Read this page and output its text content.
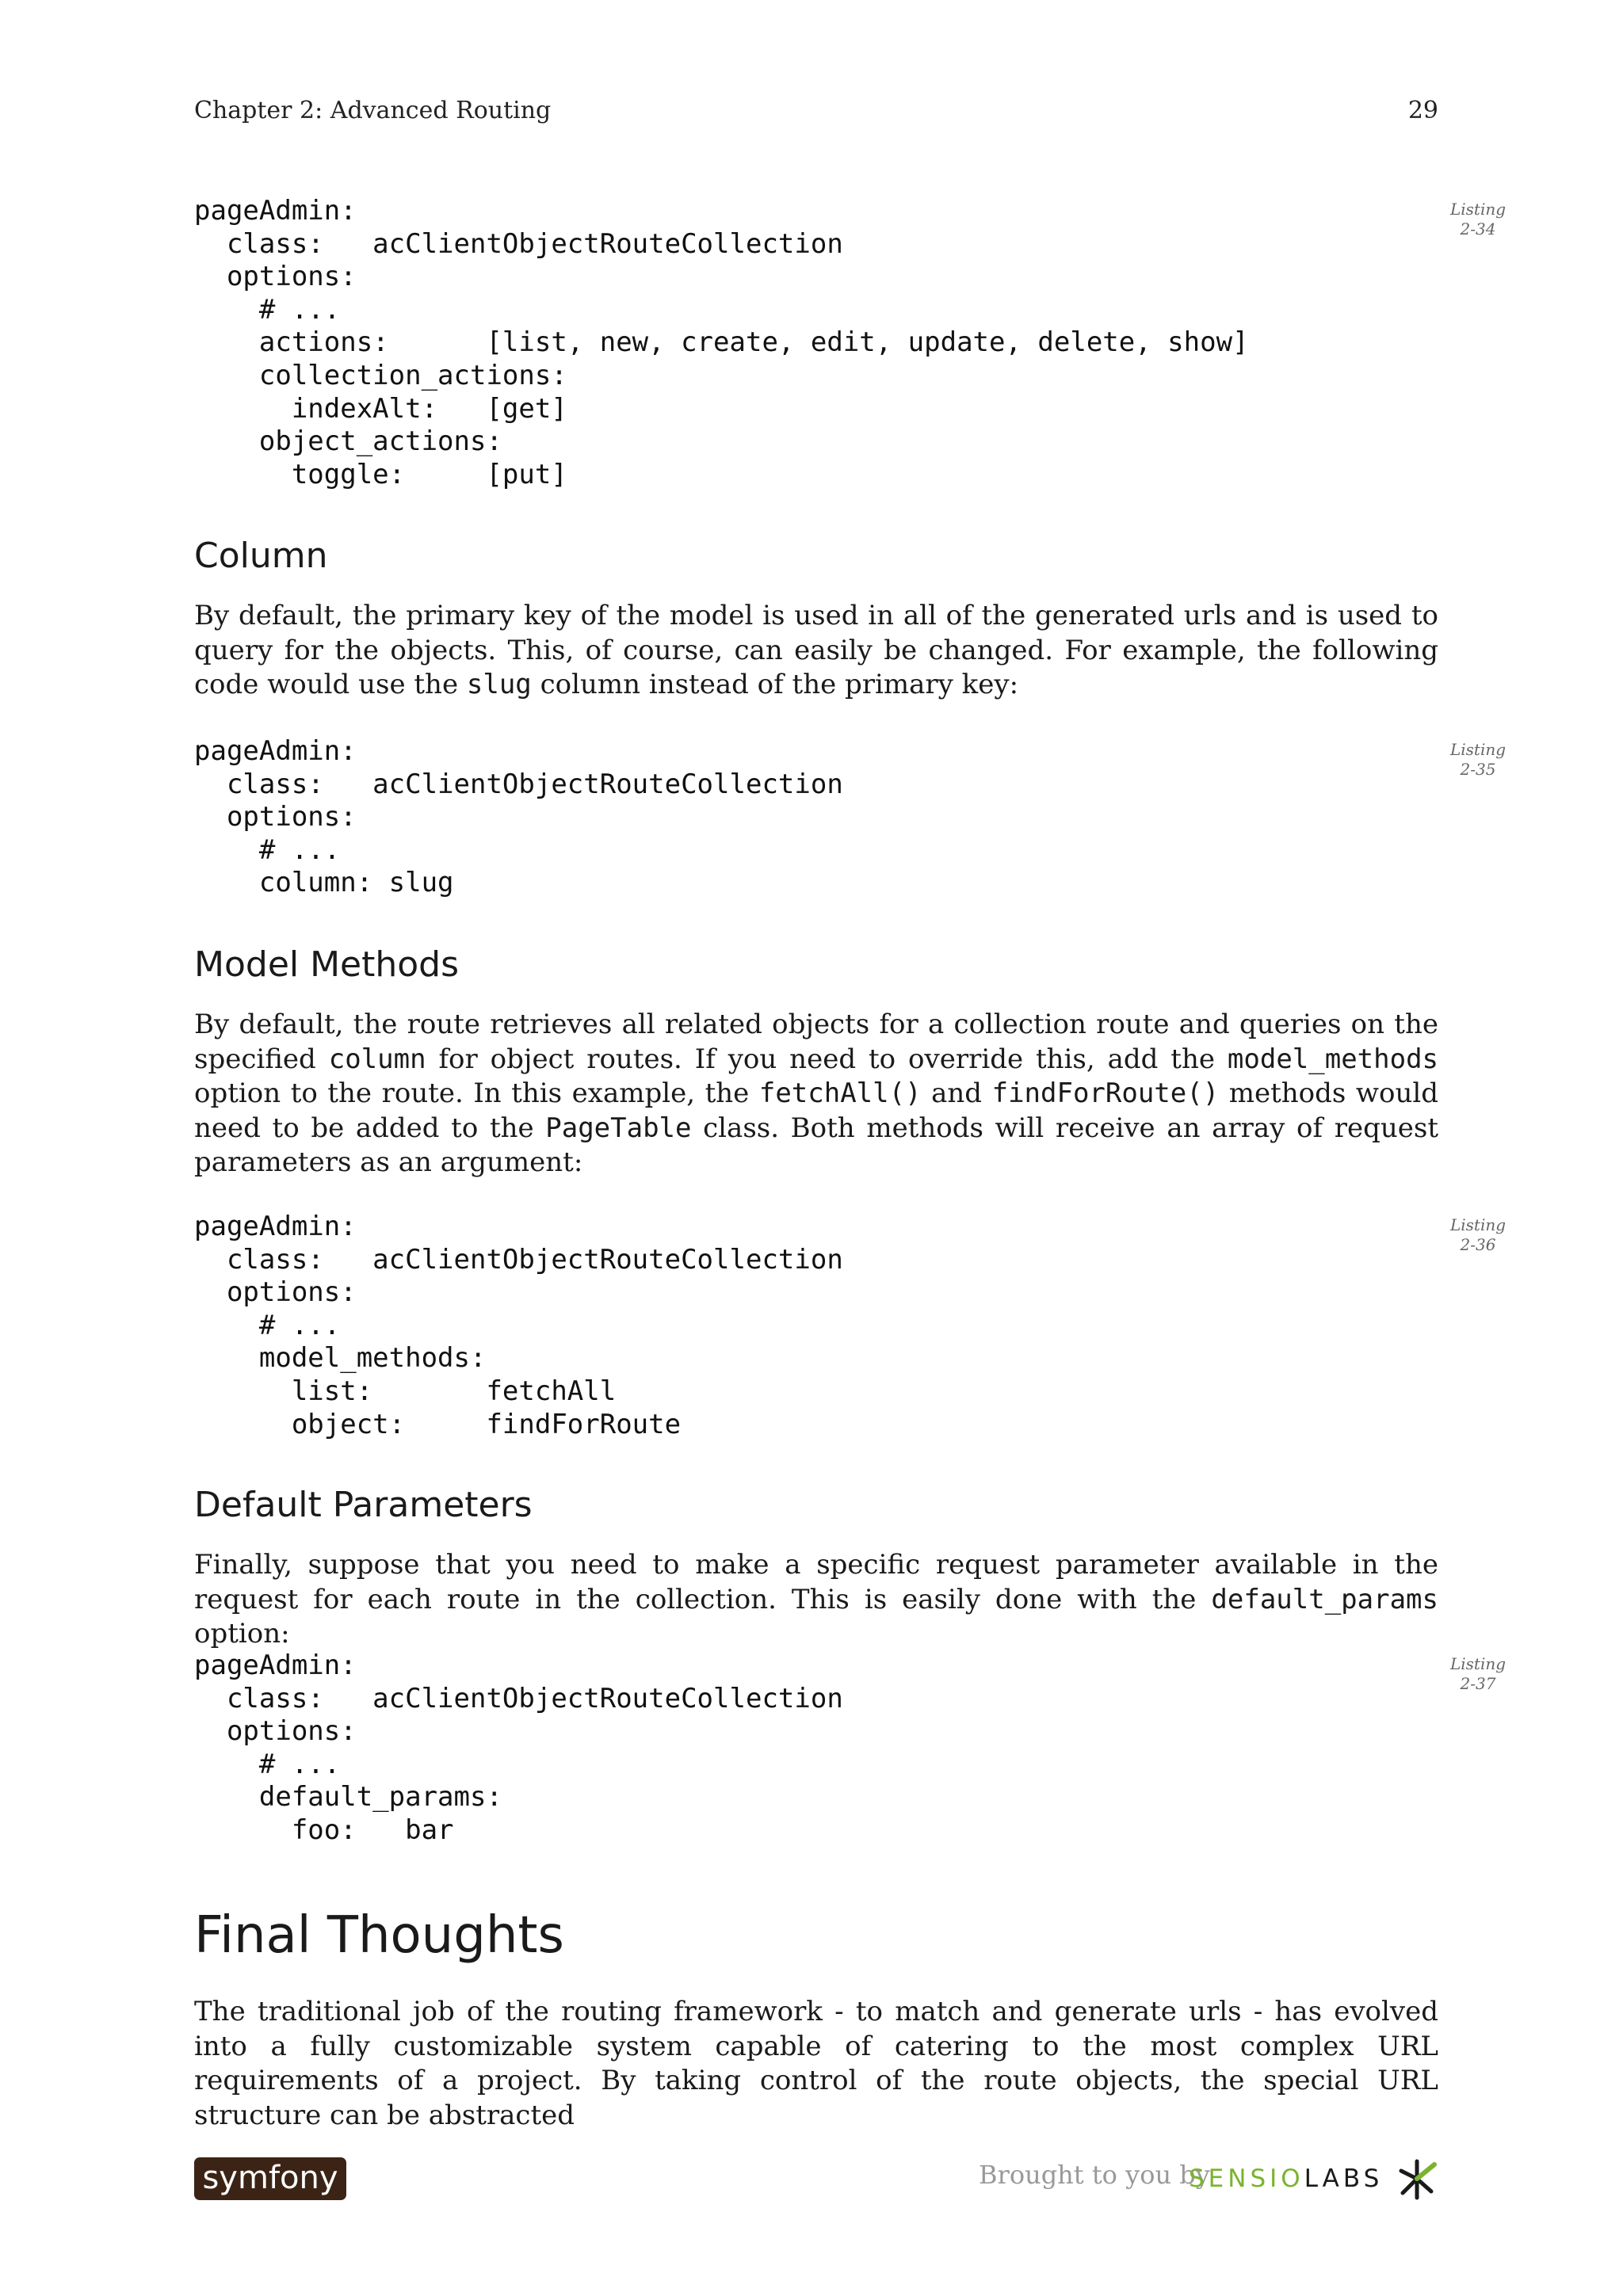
Chapter 2: Advanced Routing	29
Listing
2-34
pageAdmin:
class:   acClientObjectRouteCollection
options:
# ...
actions:      [list, new, create, edit, update, delete, show]
collection_actions:
indexAlt:   [get]
object_actions:
toggle:     [put]
Column

By default, the primary key of the model is used in all of the generated urls and is used to query for the objects. This, of course, can easily be changed. For example, the following code would use the slug column instead of the primary key:

Listing
2-35
pageAdmin:
class:   acClientObjectRouteCollection
options:
# ...
column: slug
Model Methods

By default, the route retrieves all related objects for a collection route and queries on the specified column for object routes. If you need to override this, add the model_methods option to the route. In this example, the fetchAll() and findForRoute() methods would need to be added to the PageTable class. Both methods will receive an array of request parameters as an argument:

Listing
2-36
pageAdmin:
class:   acClientObjectRouteCollection
options:
# ...
model_methods:
list:       fetchAll
object:     findForRoute
Default Parameters

Finally, suppose that you need to make a specific request parameter available in the request for each route in the collection. This is easily done with the default_params option:

Listing
2-37
pageAdmin:
class:   acClientObjectRouteCollection
options:
# ...
default_params:
foo:   bar
Final Thoughts

The traditional job of the routing framework - to match and generate urls - has evolved into a fully customizable system capable of catering to the most complex URL requirements of a project. By taking control of the route objects, the special URL structure can be abstracted

symfony	Brought to you by
SENSIOLABS
